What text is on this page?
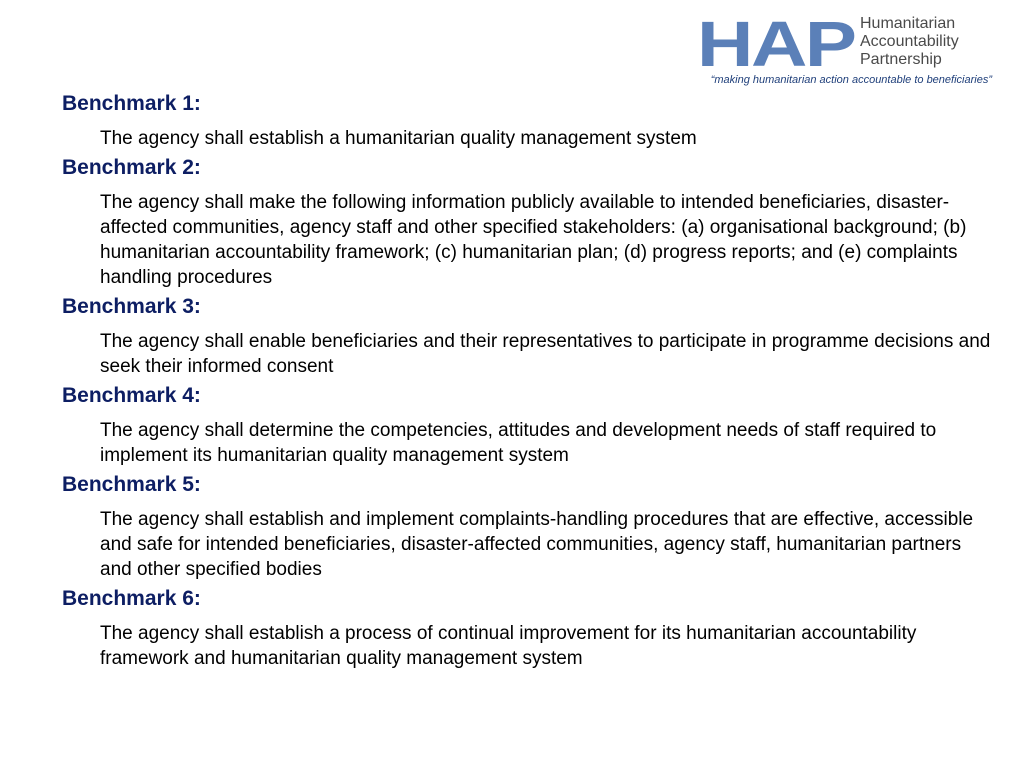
HAP Humanitarian
Accountability
Partnership
“making humanitarian action accountable to beneficiaries”

Benchmark 1:

The agency shall establish a humanitarian quality management system

Benchmark 2:

The agency shall make the following information publicly available to intended beneficiaries, disaster-affected communities, agency staff and other specified stakeholders: (a) organisational background; (b) humanitarian accountability framework; (c) humanitarian plan; (d) progress reports; and (e) complaints handling procedures

Benchmark 3:

The agency shall enable beneficiaries and their representatives to participate in programme decisions and seek their informed consent

Benchmark 4:

The agency shall determine the competencies, attitudes and development needs of staff required to implement its humanitarian quality management system

Benchmark 5:

The agency shall establish and implement complaints-handling procedures that are effective, accessible and safe for intended beneficiaries, disaster-affected communities, agency staff, humanitarian partners and other specified bodies

Benchmark 6:

The agency shall establish a process of continual improvement for its humanitarian accountability framework and humanitarian quality management system
